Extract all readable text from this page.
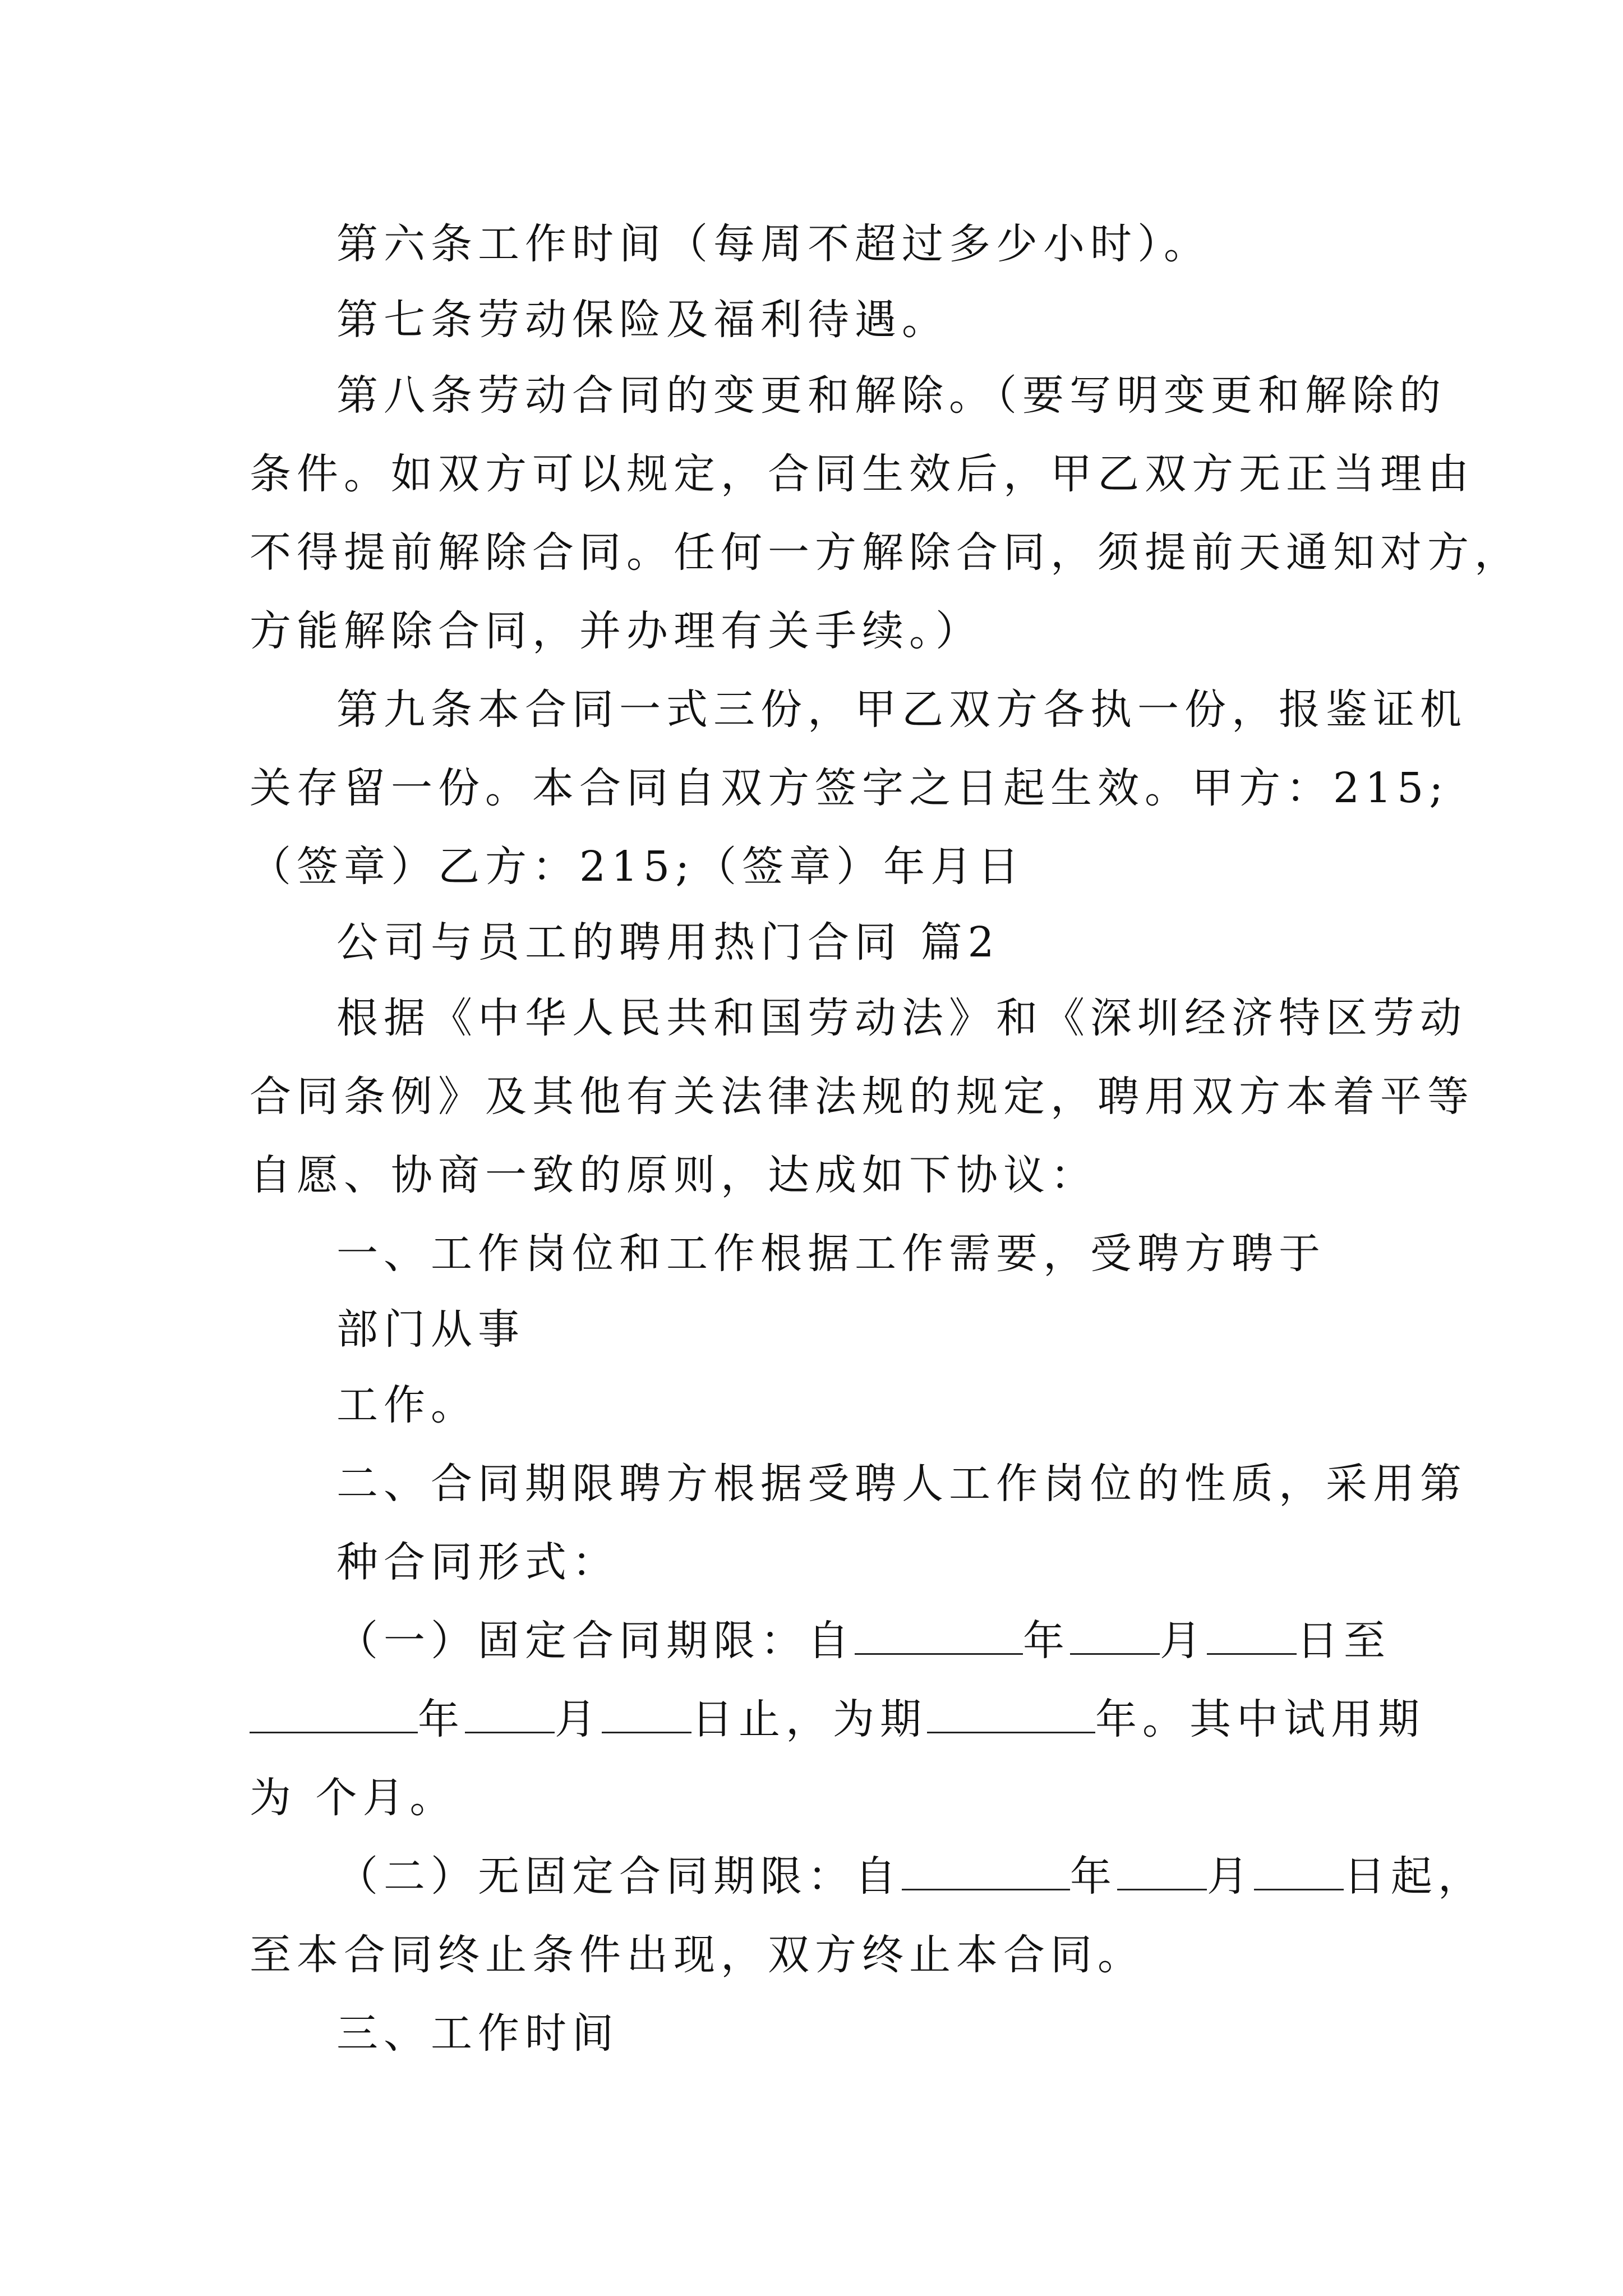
第六条工作时间（每周不超过多少小时）。
第七条劳动保险及福利待遇。
第八条劳动合同的变更和解除。（要写明变更和解除的
条件。如双方可以规定，合同生效后，甲乙双方无正当理由
不得提前解除合同。任何一方解除合同，须提前天通知对方，
方能解除合同，并办理有关手续。）
第九条本合同一式三份，甲乙双方各执一份，报鉴证机
关存留一份。本合同自双方签字之日起生效。甲方：215;
（签章）乙方：215;（签章）年月日
公司与员工的聘用热门合同 篇2
根据《中华人民共和国劳动法》和《深圳经济特区劳动
合同条例》及其他有关法律法规的规定，聘用双方本着平等
自愿、协商一致的原则，达成如下协议：
一、工作岗位和工作根据工作需要，受聘方聘于
部门从事
工作。
二、合同期限聘方根据受聘人工作岗位的性质，采用第
种合同形式：
（一）固定合同期限：自	年 月 日至
年 月 日止，为期	年。其中试用期
为 个月。
（二）无固定合同期限：自	年 月 日起，
至本合同终止条件出现，双方终止本合同。
三、工作时间
